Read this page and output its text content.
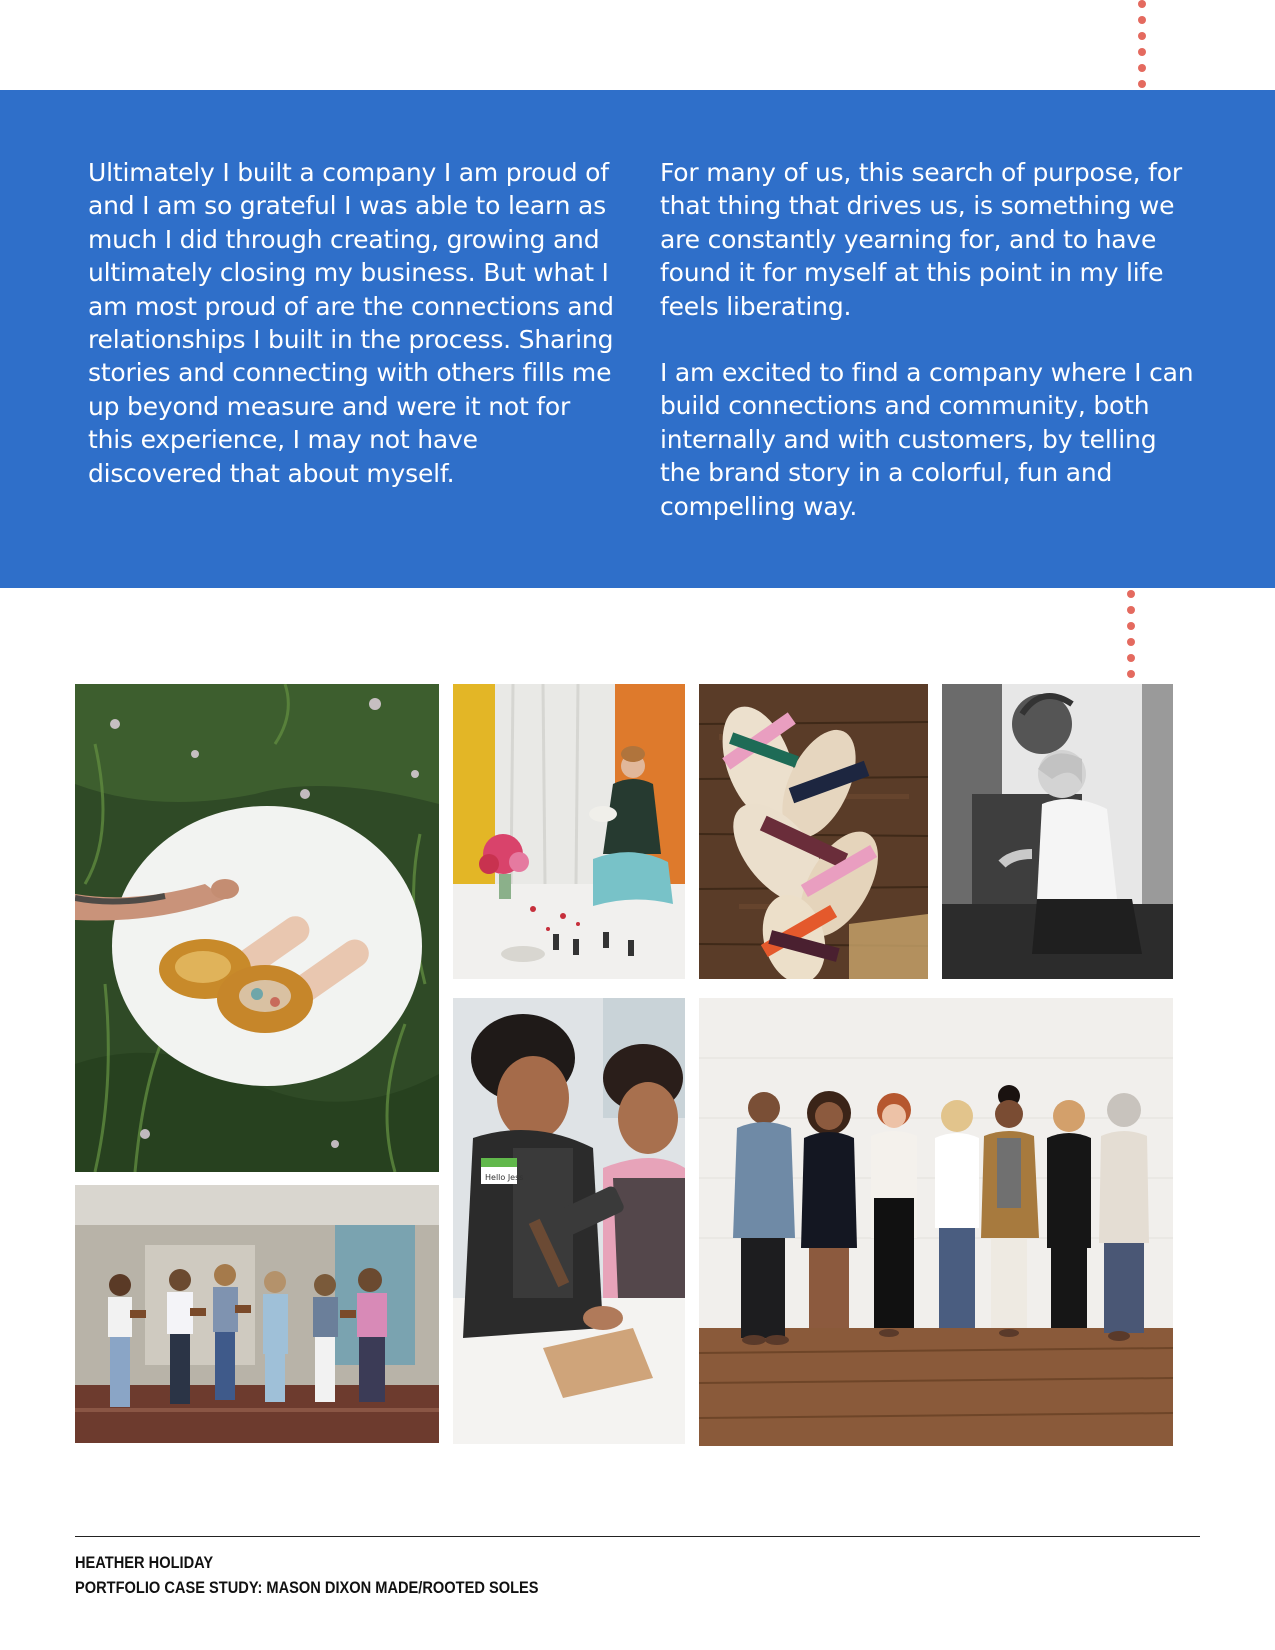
Ultimately I built a company I am proud of and I am so grateful I was able to learn as much I did through creating, growing and ultimately closing my business. But what I am most proud of are the connections and relationships I built in the process. Sharing stories and connecting with others fills me up beyond measure and were it not for this experience, I may not have discovered that about myself.

For many of us, this search of purpose, for that thing that drives us, is something we are constantly yearning for, and to have found it for myself at this point in my life feels liberating.

I am excited to find a company where I can build connections and community, both internally and with customers, by telling the brand story in a colorful, fun and compelling way.

Hello Jess
HEATHER HOLIDAY
PORTFOLIO CASE STUDY: MASON DIXON MADE/ROOTED SOLES
